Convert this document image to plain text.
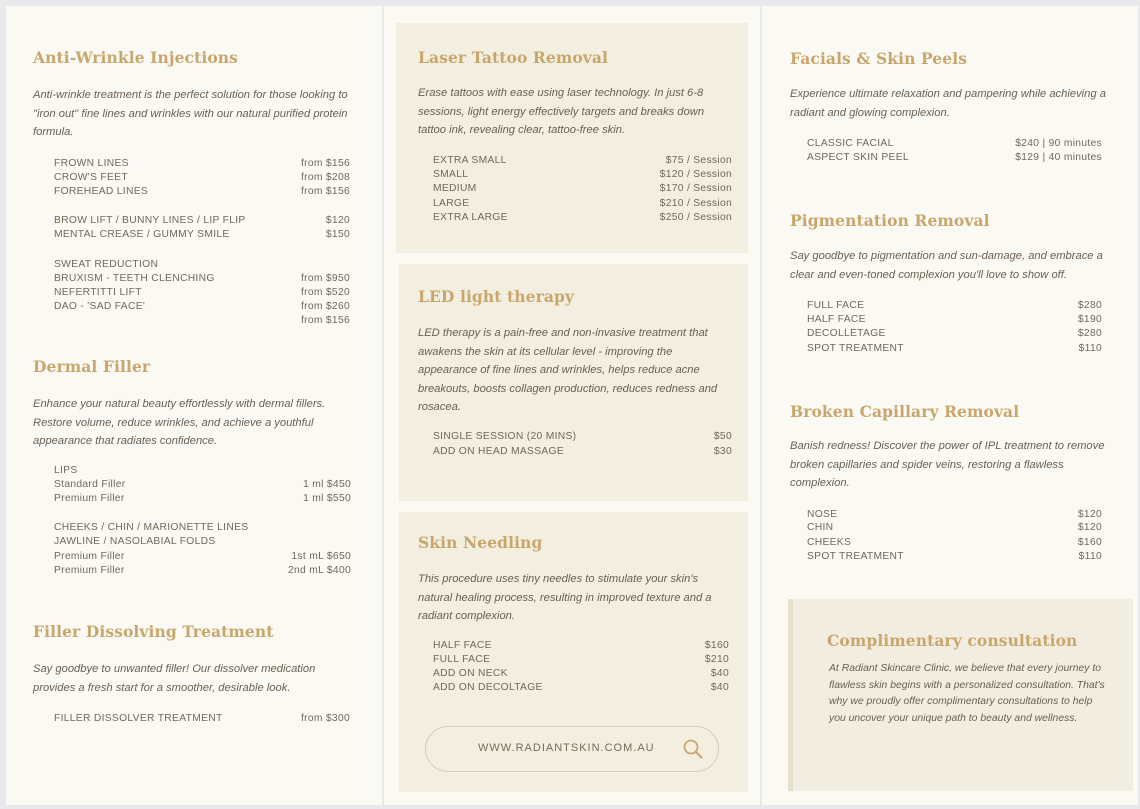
Anti-Wrinkle Injections
Anti-wrinkle treatment is the perfect solution for those looking to "iron out" fine lines and wrinkles with our natural purified protein formula.
FROWN LINES	from $156
CROW'S FEET	from $208
FOREHEAD LINES	from $156
BROW LIFT / BUNNY LINES / LIP FLIP	$120
MENTAL CREASE / GUMMY SMILE	$150
SWEAT REDUCTION
BRUXISM - TEETH CLENCHING	from $950
NEFERTITTI LIFT	from $520
DAO - 'SAD FACE'	from $260
from $156
Dermal Filler
Enhance your natural beauty effortlessly with dermal fillers. Restore volume, reduce wrinkles, and achieve a youthful appearance that radiates confidence.
LIPS
Standard Filler	1 ml $450
Premium Filler	1 ml $550
CHEEKS / CHIN / MARIONETTE LINES
JAWLINE / NASOLABIAL FOLDS
Premium Filler	1st mL $650
Premium Filler	2nd mL $400
Filler Dissolving Treatment
Say goodbye to unwanted filler! Our dissolver medication provides a fresh start for a smoother, desirable look.
FILLER DISSOLVER TREATMENT	from $300
Laser Tattoo Removal
Erase tattoos with ease using laser technology. In just 6-8 sessions, light energy effectively targets and breaks down tattoo ink, revealing clear, tattoo-free skin.
EXTRA SMALL	$75 / Session
SMALL	$120 / Session
MEDIUM	$170 / Session
LARGE	$210 / Session
EXTRA LARGE	$250 / Session
LED light therapy
LED therapy is a pain-free and non-invasive treatment that awakens the skin at its cellular level - improving the appearance of fine lines and wrinkles, helps reduce acne breakouts, boosts collagen production, reduces redness and rosacea.
SINGLE SESSION (20 MINS)	$50
ADD ON HEAD MASSAGE	$30
Skin Needling
This procedure uses tiny needles to stimulate your skin's natural healing process, resulting in improved texture and a radiant complexion.
HALF FACE	$160
FULL FACE	$210
ADD ON NECK	$40
ADD ON DECOLTAGE	$40
WWW.RADIANTSKIN.COM.AU
Facials & Skin Peels
Experience ultimate relaxation and pampering while achieving a radiant and glowing complexion.
CLASSIC FACIAL	$240 | 90 minutes
ASPECT SKIN PEEL	$129 | 40 minutes
Pigmentation Removal
Say goodbye to pigmentation and sun-damage, and embrace a clear and even-toned complexion you'll love to show off.
FULL FACE	$280
HALF FACE	$190
DECOLLETAGE	$280
SPOT TREATMENT	$110
Broken Capillary Removal
Banish redness! Discover the power of IPL treatment to remove broken capillaries and spider veins, restoring a flawless complexion.
NOSE	$120
CHIN	$120
CHEEKS	$160
SPOT TREATMENT	$110
Complimentary consultation
At Radiant Skincare Clinic, we believe that every journey to flawless skin begins with a personalized consultation. That's why we proudly offer complimentary consultations to help you uncover your unique path to beauty and wellness.
